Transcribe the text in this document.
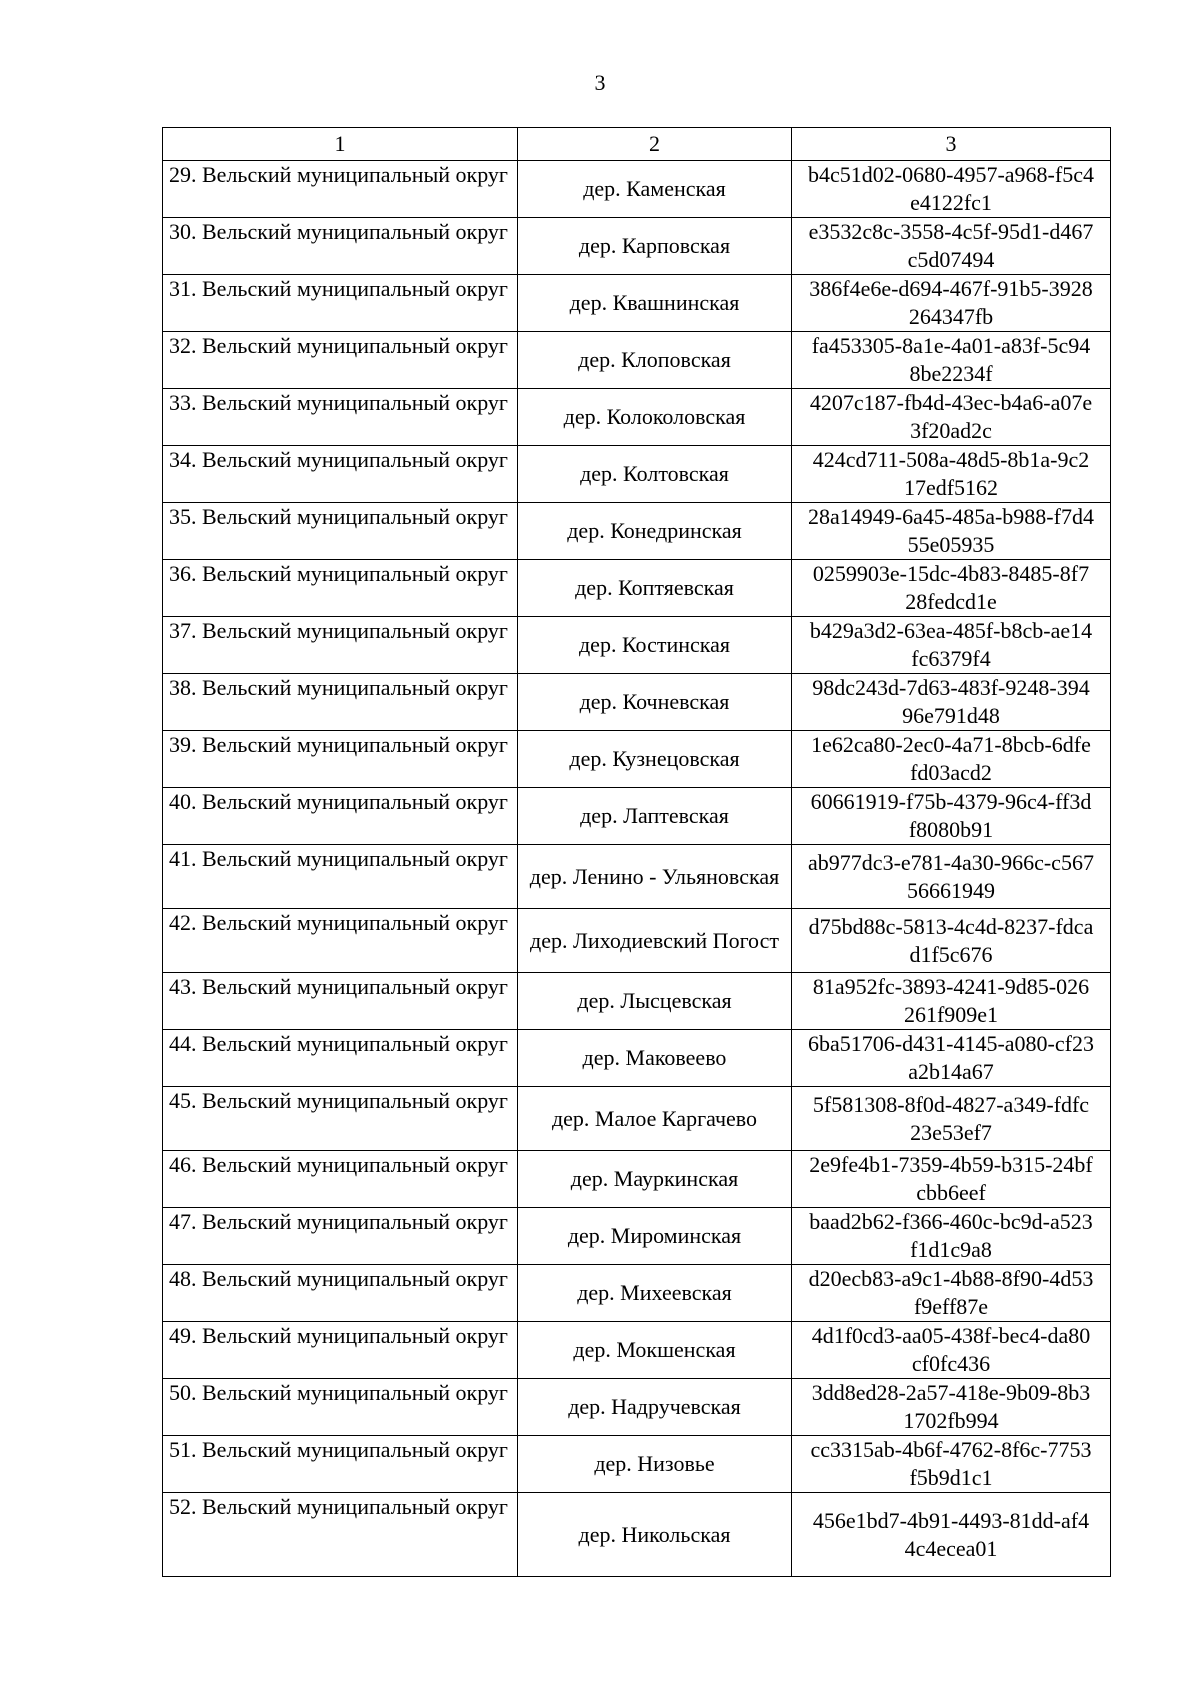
3
1	2	3
29. Вельский муниципальный округ	дер. Каменская	b4c51d02-0680-4957-a968-f5c4e4122fc1
30. Вельский муниципальный округ	дер. Карповская	e3532c8c-3558-4c5f-95d1-d467c5d07494
31. Вельский муниципальный округ	дер. Квашнинская	386f4e6e-d694-467f-91b5-3928264347fb
32. Вельский муниципальный округ	дер. Клоповская	fa453305-8a1e-4a01-a83f-5c948be2234f
33. Вельский муниципальный округ	дер. Колоколовская	4207c187-fb4d-43ec-b4a6-a07e3f20ad2c
34. Вельский муниципальный округ	дер. Колтовская	424cd711-508a-48d5-8b1a-9c217edf5162
35. Вельский муниципальный округ	дер. Конедринская	28a14949-6a45-485a-b988-f7d455e05935
36. Вельский муниципальный округ	дер. Коптяевская	0259903e-15dc-4b83-8485-8f728fedcd1e
37. Вельский муниципальный округ	дер. Костинская	b429a3d2-63ea-485f-b8cb-ae14fc6379f4
38. Вельский муниципальный округ	дер. Кочневская	98dc243d-7d63-483f-9248-39496e791d48
39. Вельский муниципальный округ	дер. Кузнецовская	1e62ca80-2ec0-4a71-8bcb-6dfefd03acd2
40. Вельский муниципальный округ	дер. Лаптевская	60661919-f75b-4379-96c4-ff3df8080b91
41. Вельский муниципальный округ	дер. Ленино - Ульяновская	ab977dc3-e781-4a30-966c-c56756661949
42. Вельский муниципальный округ	дер. Лиходиевский Погост	d75bd88c-5813-4c4d-8237-fdcad1f5c676
43. Вельский муниципальный округ	дер. Лысцевская	81a952fc-3893-4241-9d85-026261f909e1
44. Вельский муниципальный округ	дер. Маковеево	6ba51706-d431-4145-a080-cf23a2b14a67
45. Вельский муниципальный округ	дер. Малое Каргачево	5f581308-8f0d-4827-a349-fdfc23e53ef7
46. Вельский муниципальный округ	дер. Мауркинская	2e9fe4b1-7359-4b59-b315-24bfcbb6eef
47. Вельский муниципальный округ	дер. Мироминская	baad2b62-f366-460c-bc9d-a523f1d1c9a8
48. Вельский муниципальный округ	дер. Михеевская	d20ecb83-a9c1-4b88-8f90-4d53f9eff87e
49. Вельский муниципальный округ	дер. Мокшенская	4d1f0cd3-aa05-438f-bec4-da80cf0fc436
50. Вельский муниципальный округ	дер. Надручевская	3dd8ed28-2a57-418e-9b09-8b31702fb994
51. Вельский муниципальный округ	дер. Низовье	cc3315ab-4b6f-4762-8f6c-7753f5b9d1c1
52. Вельский муниципальный округ	дер. Никольская	456e1bd7-4b91-4493-81dd-af44c4ecea01
